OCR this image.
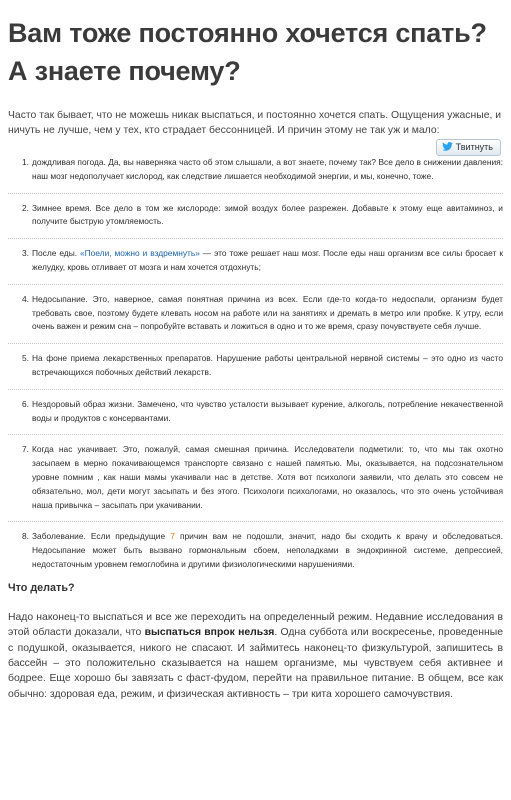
Вам тоже постоянно хочется спать? А знаете почему?
Часто так бывает, что не можешь никак выспаться, и постоянно хочется спать. Ощущения ужасные, и ничуть не лучше, чем у тех, кто страдает бессонницей. И причин этому не так уж и мало:
Твитнуть
1. дождливая погода. Да, вы наверняка часто об этом слышали, а вот знаете, почему так? Все дело в снижении давления: наш мозг недополучает кислород, как следствие лишается необходимой энергии, и мы, конечно, тоже.
2. Зимнее время. Все дело в том же кислороде: зимой воздух более разрежен. Добавьте к этому еще авитаминоз, и получите быструю утомляемость.
3. После еды. «Поели, можно и вздремнуть» — это тоже решает наш мозг. После еды наш организм все силы бросает к желудку, кровь отливает от мозга и нам хочется отдохнуть;
4. Недосыпание. Это, наверное, самая понятная причина из всех. Если где-то когда-то недоспали, организм будет требовать свое, поэтому будете клевать носом на работе или на занятиях и дремать в метро или пробке. К утру, если очень важен и режим сна – попробуйте вставать и ложиться в одно и то же время, сразу почувствуете себя лучше.
5. На фоне приема лекарственных препаратов. Нарушение работы центральной нервной системы – это одно из часто встречающихся побочных действий лекарств.
6. Нездоровый образ жизни. Замечено, что чувство усталости вызывает курение, алкоголь, потребление некачественной воды и продуктов с консервантами.
7. Когда нас укачивает. Это, пожалуй, самая смешная причина. Исследователи подметили: то, что мы так охотно засыпаем в мерно покачивающемся транспорте связано с нашей памятью. Мы, оказывается, на подсознательном уровне помним , как наши мамы укачивали нас в детстве. Хотя вот психологи заявили, что делать это совсем не обязательно, мол, дети могут засыпать и без этого. Психологи психологами, но оказалось, что это очень устойчивая наша привычка – засыпать при укачивании.
8. Заболевание. Если предыдущие 7 причин вам не подошли, значит, надо бы сходить к врачу и обследоваться. Недосыпание может быть вызвано гормональным сбоем, неполадками в эндокринной системе, депрессией, недостаточным уровнем гемоглобина и другими физиологическими нарушениями.
Что делать?
Надо наконец-то выспаться и все же переходить на определенный режим. Недавние исследования в этой области доказали, что выспаться впрок нельзя. Одна суббота или воскресенье, проведенные с подушкой, оказывается, никого не спасают. И займитесь наконец-то физкультурой, запишитесь в бассейн – это положительно сказывается на нашем организме, мы чувствуем себя активнее и бодрее. Еще хорошо бы завязать с фаст-фудом, перейти на правильное питание. В общем, все как обычно: здоровая еда, режим, и физическая активность – три кита хорошего самочувствия.
